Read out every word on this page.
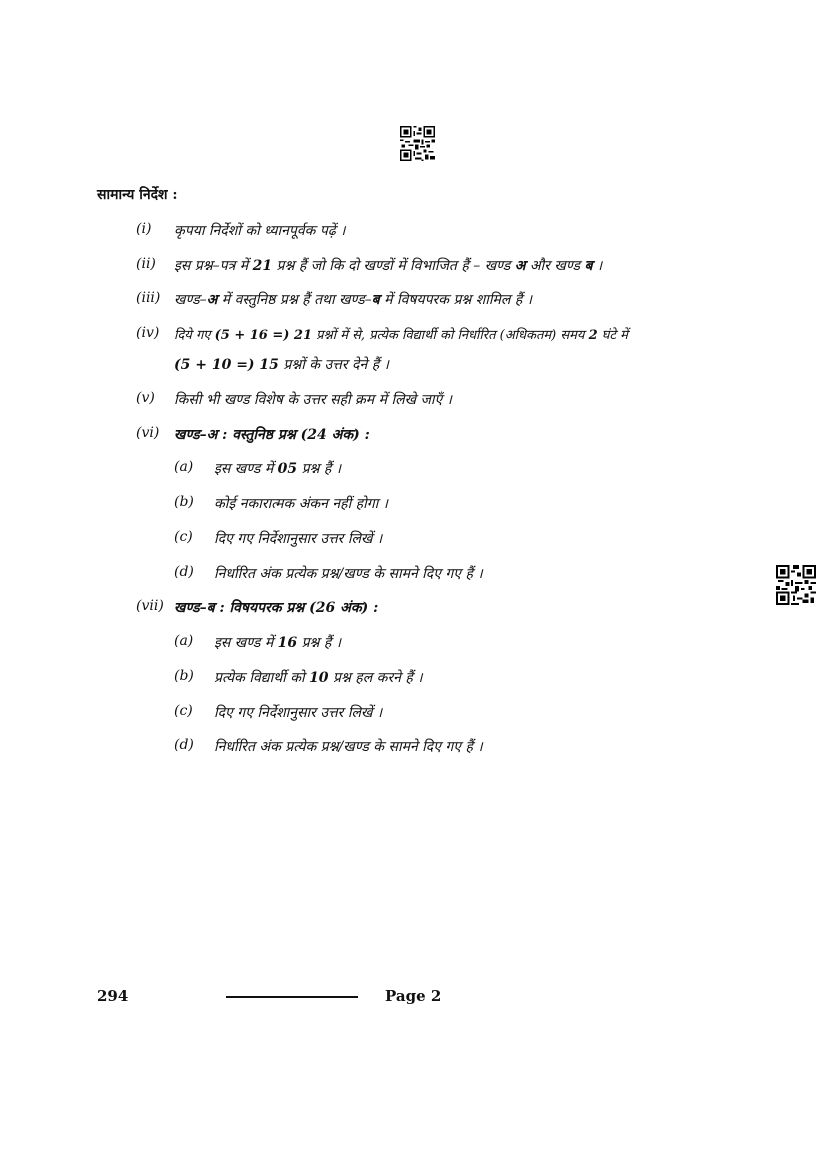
सामान्य निर्देश :
(i) कृपया निर्देशों को ध्यानपूर्वक पढ़ें ।
(ii) इस प्रश्न–पत्र में 21 प्रश्न हैं जो कि दो खण्डों में विभाजित हैं – खण्ड अ और खण्ड ब ।
(iii) खण्ड–अ में वस्तुनिष्ठ प्रश्न हैं तथा खण्ड–ब में विषयपरक प्रश्न शामिल हैं ।
(iv) दिये गए (5 + 16 =) 21 प्रश्नों में से, प्रत्येक विद्यार्थी को निर्धारित (अधिकतम) समय 2 घंटे में
(5 + 10 =) 15 प्रश्नों के उत्तर देने हैं ।
(v) किसी भी खण्ड विशेष के उत्तर सही क्रम में लिखे जाएँ ।
(vi) खण्ड–अ : वस्तुनिष्ठ प्रश्न (24 अंक) :
(a) इस खण्ड में 05 प्रश्न हैं ।
(b) कोई नकारात्मक अंकन नहीं होगा ।
(c) दिए गए निर्देशानुसार उत्तर लिखें ।
(d) निर्धारित अंक प्रत्येक प्रश्न/खण्ड के सामने दिए गए हैं ।
(vii) खण्ड–ब : विषयपरक प्रश्न (26 अंक) :
(a) इस खण्ड में 16 प्रश्न हैं ।
(b) प्रत्येक विद्यार्थी को 10 प्रश्न हल करने हैं ।
(c) दिए गए निर्देशानुसार उत्तर लिखें ।
(d) निर्धारित अंक प्रत्येक प्रश्न/खण्ड के सामने दिए गए हैं ।
294	Page 2
